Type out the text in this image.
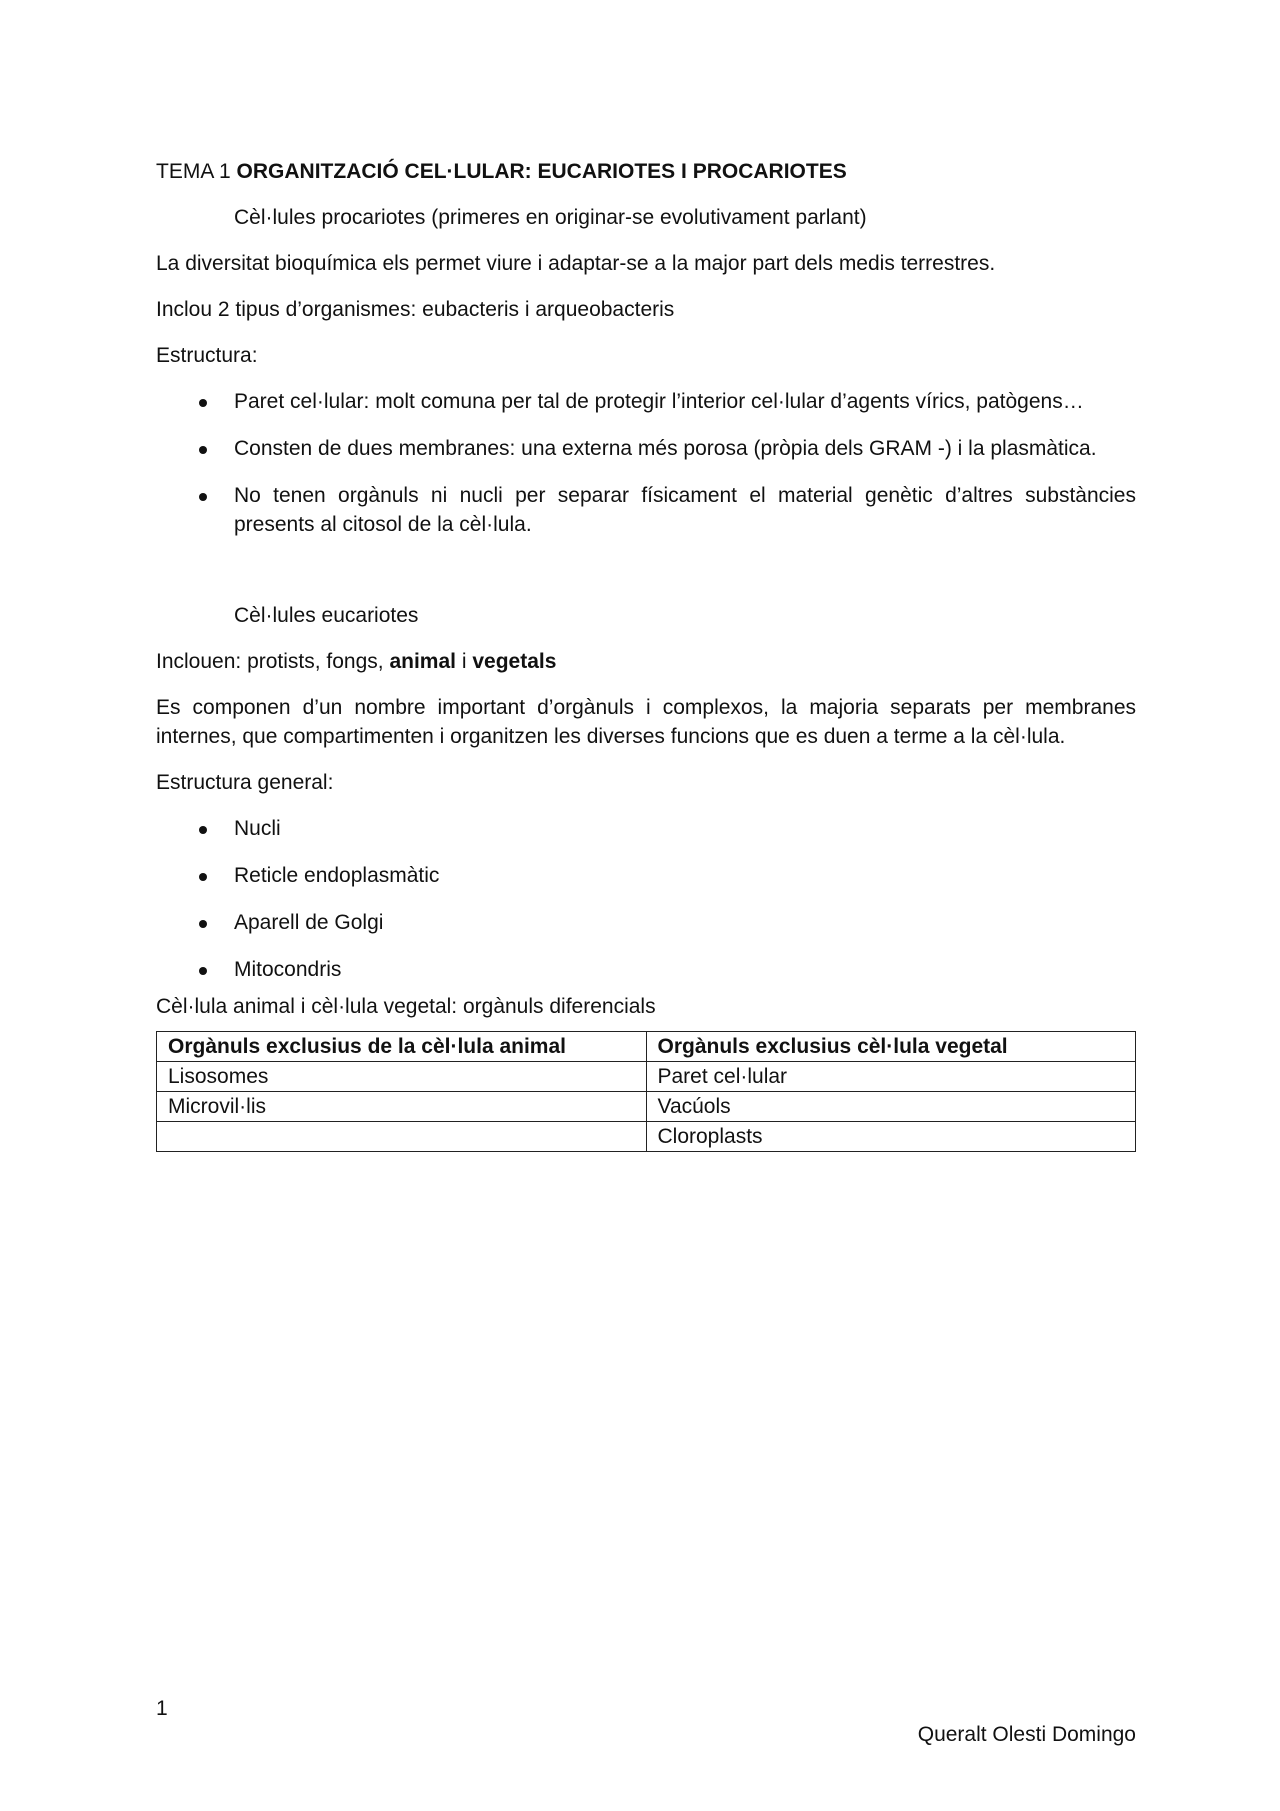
TEMA 1 ORGANITZACIÓ CEL·LULAR: EUCARIOTES I PROCARIOTES

Cèl·lules procariotes (primeres en originar-se evolutivament parlant)

La diversitat bioquímica els permet viure i adaptar-se a la major part dels medis terrestres.

Inclou 2 tipus d’organismes: eubacteris i arqueobacteris

Estructura:

Paret cel·lular: molt comuna per tal de protegir l’interior cel·lular d’agents vírics, patògens…
Consten de dues membranes: una externa més porosa (pròpia dels GRAM -) i la plasmàtica.
No tenen orgànuls ni nucli per separar físicament el material genètic d’altres substàncies presents al citosol de la cèl·lula.

Cèl·lules eucariotes

Inclouen: protists, fongs, animal i vegetals

Es componen d’un nombre important d’orgànuls i complexos, la majoria separats per membranes internes, que compartimenten i organitzen les diverses funcions que es duen a terme a la cèl·lula.

Estructura general:

Nucli
Reticle endoplasmàtic
Aparell de Golgi
Mitocondris

Cèl·lula animal i cèl·lula vegetal: orgànuls diferencials

Orgànuls exclusius de la cèl·lula animal	Orgànuls exclusius cèl·lula vegetal
Lisosomes	Paret cel·lular
Microvil·lis	Vacúols
	Cloroplasts
1
Queralt Olesti Domingo
